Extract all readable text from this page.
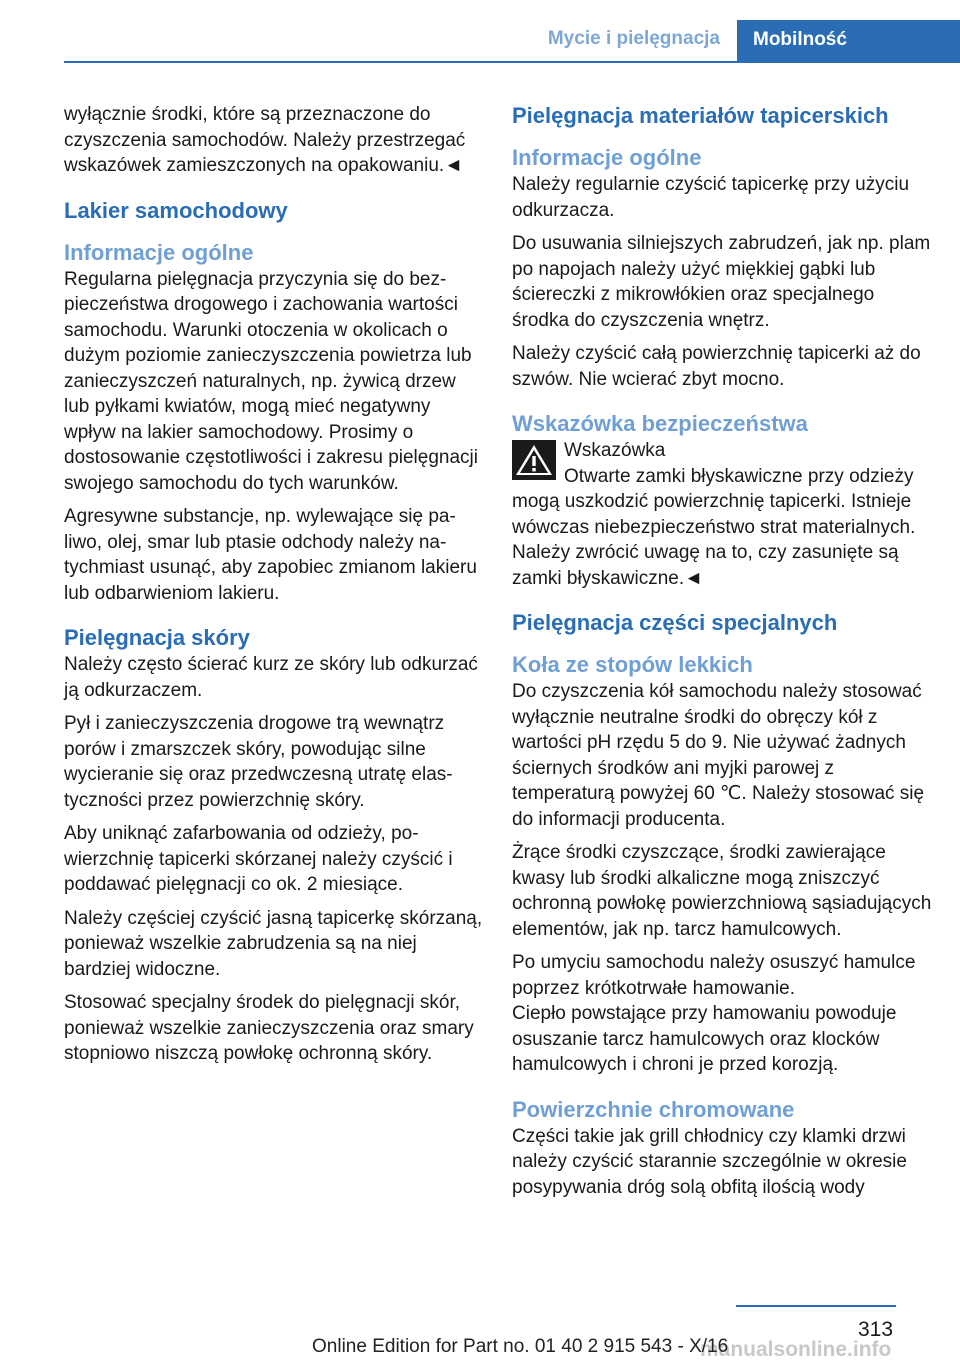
Mycie i pielęgnacja	Mobilność

wyłącznie środki, które są przeznaczone do czyszczenia samochodów. Należy przestrzegać wskazówek zamieszczonych na opakowaniu.◄

Lakier samochodowy
Informacje ogólne

Regularna pielęgnacja przyczynia się do bezpieczeństwa drogowego i zachowania wartości samochodu. Warunki otoczenia w okolicach o dużym poziomie zanieczyszczenia powietrza lub zanieczyszczeń naturalnych, np. żywicą drzew lub pyłkami kwiatów, mogą mieć negatywny wpływ na lakier samochodowy. Prosimy o dostosowanie częstotliwości i zakresu pielęgnacji swojego samochodu do tych warunków.

Agresywne substancje, np. wylewające się paliwo, olej, smar lub ptasie odchody należy natychmiast usunąć, aby zapobiec zmianom lakieru lub odbarwieniom lakieru.

Pielęgnacja skóry

Należy często ścierać kurz ze skóry lub odkurzać ją odkurzaczem.

Pył i zanieczyszczenia drogowe trą wewnątrz porów i zmarszczek skóry, powodując silne wycieranie się oraz przedwczesną utratę elastyczności przez powierzchnię skóry.

Aby uniknąć zafarbowania od odzieży, powierzchnię tapicerki skórzanej należy czyścić i poddawać pielęgnacji co ok. 2 miesiące.

Należy częściej czyścić jasną tapicerkę skórzaną, ponieważ wszelkie zabrudzenia są na niej bardziej widoczne.

Stosować specjalny środek do pielęgnacji skór, ponieważ wszelkie zanieczyszczenia oraz smary stopniowo niszczą powłokę ochronną skóry.

Pielęgnacja materiałów tapicerskich
Informacje ogólne

Należy regularnie czyścić tapicerkę przy użyciu odkurzacza.

Do usuwania silniejszych zabrudzeń, jak np. plam po napojach należy użyć miękkiej gąbki lub ściereczki z mikrowłókien oraz specjalnego środka do czyszczenia wnętrz.

Należy czyścić całą powierzchnię tapicerki aż do szwów. Nie wcierać zbyt mocno.

Wskazówka bezpieczeństwa

Wskazówka

Otwarte zamki błyskawiczne przy odzieży

mogą uszkodzić powierzchnię tapicerki. Istnieje wówczas niebezpieczeństwo strat materialnych. Należy zwrócić uwagę na to, czy zasunięte są zamki błyskawiczne.◄

Pielęgnacja części specjalnych
Koła ze stopów lekkich

Do czyszczenia kół samochodu należy stosować wyłącznie neutralne środki do obręczy kół z wartości pH rzędu 5 do 9. Nie używać żadnych ściernych środków ani myjki parowej z temperaturą powyżej 60 ℃. Należy stosować się do informacji producenta.

Żrące środki czyszczące, środki zawierające kwasy lub środki alkaliczne mogą zniszczyć ochronną powłokę powierzchniową sąsiadujących elementów, jak np. tarcz hamulcowych.

Po umyciu samochodu należy osuszyć hamulce poprzez krótkotrwałe hamowanie.

Ciepło powstające przy hamowaniu powoduje osuszanie tarcz hamulcowych oraz klocków hamulcowych i chroni je przed korozją.

Powierzchnie chromowane

Części takie jak grill chłodnicy czy klamki drzwi należy czyścić starannie szczególnie w okresie posypywania dróg solą obfitą ilością wody

313
manualsonline.info
Online Edition for Part no. 01 40 2 915 543 - X/16
